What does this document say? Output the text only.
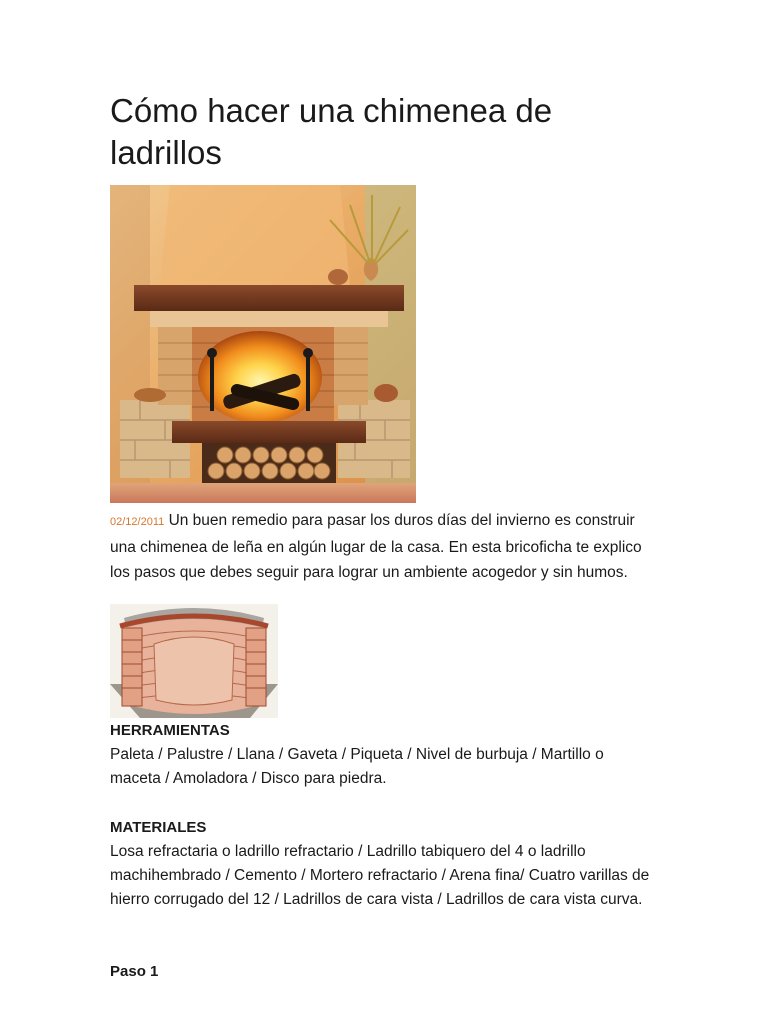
Cómo hacer una chimenea de ladrillos

02/12/2011 Un buen remedio para pasar los duros días del invierno es construir una chimenea de leña en algún lugar de la casa. En esta bricoficha te explico los pasos que debes seguir para lograr un ambiente acogedor y sin humos.

HERRAMIENTAS

Paleta / Palustre / Llana / Gaveta / Piqueta / Nivel de burbuja / Martillo o maceta / Amoladora / Disco para piedra.

MATERIALES

Losa refractaria o ladrillo refractario / Ladrillo tabiquero del 4 o ladrillo machihembrado / Cemento / Mortero refractario / Arena fina/ Cuatro varillas de hierro corrugado del 12 / Ladrillos de cara vista / Ladrillos de cara vista curva.

Paso 1
